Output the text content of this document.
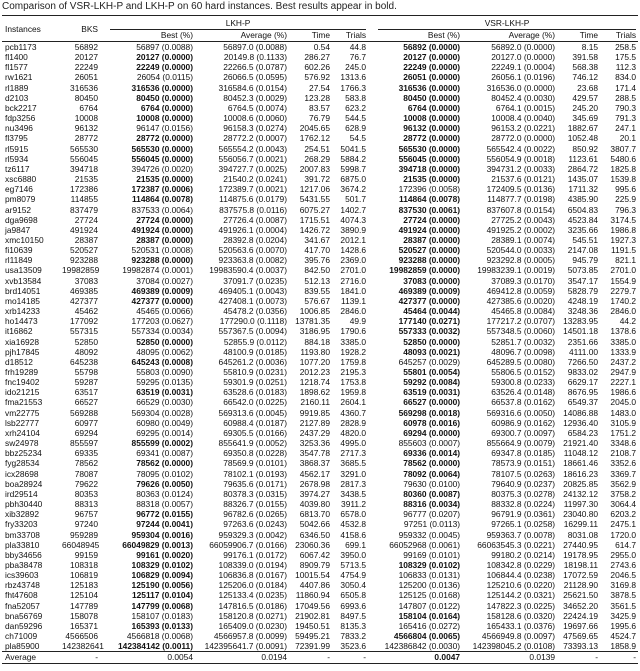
Comparison of VSR-LKH-P and LKH-P on 60 hard instances. Best results appear in bold.
Instances	BKS	LKH-P				VSR-LKH-P			

		Best (%)	Average (%)	Time	Trials	Best (%)	Average (%)	Time	Trials
pcb1173	56892	56897 (0.0088)	56897.0 (0.0088)	0.54	44.8	56892 (0.0000)	56892.0 (0.0000)	8.15	258.5
fl1400	20127	20127 (0.0000)	20149.8 (0.1133)	286.27	76.7	20127 (0.0000)	20127.0 (0.0000)	391.58	175.5
fl1577	22249	22249 (0.0000)	22266.5 (0.0787)	602.26	245.0	22249 (0.0000)	22249.1 (0.0004)	568.38	112.3
rw1621	26051	26054 (0.0115)	26066.5 (0.0595)	576.92	1313.6	26051 (0.0000)	26056.1 (0.0196)	746.12	834.0
rl1889	316536	316536 (0.0000)	316584.6 (0.0154)	27.54	1766.3	316536 (0.0000)	316536.0 (0.0000)	23.68	171.4
d2103	80450	80450 (0.0000)	80452.3 (0.0029)	123.28	583.8	80450 (0.0000)	80452.4 (0.0030)	429.57	288.5
bck2217	6764	6764 (0.0000)	6764.5 (0.0074)	83.57	623.2	6764 (0.0000)	6764.1 (0.0015)	245.20	790.3
fdp3256	10008	10008 (0.0000)	10008.6 (0.0060)	76.79	544.5	10008 (0.0000)	10008.4 (0.0040)	345.69	791.3
nu3496	96132	96147 (0.0156)	96158.3 (0.0274)	2045.65	628.9	96132 (0.0000)	96153.2 (0.0221)	1882.67	247.1
fl3795	28772	28772 (0.0000)	28772.2 (0.0007)	1762.12	54.5	28772 (0.0000)	28772.0 (0.0000)	1052.48	20.1
rl5915	565530	565530 (0.0000)	565554.2 (0.0043)	254.51	5041.5	565530 (0.0000)	565542.4 (0.0022)	850.92	3807.7
rl5934	556045	556045 (0.0000)	556056.7 (0.0021)	268.29	5884.2	556045 (0.0000)	556054.9 (0.0018)	1123.61	5480.6
tz6117	394718	394726 (0.0020)	394727.7 (0.0025)	2007.83	5998.7	394718 (0.0000)	394731.2 (0.0033)	2864.72	1825.8
xsc6880	21535	21535 (0.0000)	21540.2 (0.0241)	391.72	6875.0	21535 (0.0000)	21537.6 (0.0121)	1435.07	1539.8
eg7146	172386	172387 (0.0006)	172389.7 (0.0021)	1217.06	3674.2	172396 (0.0058)	172409.5 (0.0136)	1711.32	995.6
pm8079	114855	114864 (0.0078)	114875.6 (0.0179)	5431.55	501.7	114864 (0.0078)	114877.7 (0.0198)	4385.90	225.9
ar9152	837479	837533 (0.0064)	837575.8 (0.0116)	6075.27	1402.7	837530 (0.0061)	837607.8 (0.0154)	6504.83	796.3
dga9698	27724	27724 (0.0000)	27726.4 (0.0087)	1715.51	4074.3	27724 (0.0000)	27725.2 (0.0043)	4523.84	3174.5
ja9847	491924	491924 (0.0000)	491926.1 (0.0004)	1426.72	3890.9	491924 (0.0000)	491925.2 (0.0002)	3235.66	1986.8
xmc10150	28387	28387 (0.0000)	28392.8 (0.0204)	341.67	2012.1	28387 (0.0000)	28389.1 (0.0074)	545.51	1927.3
fi10639	520527	520531 (0.0008)	520563.6 (0.0070)	417.70	1428.6	520527 (0.0000)	520544.0 (0.0033)	2147.08	1191.5
rl11849	923288	923288 (0.0000)	923363.8 (0.0082)	395.76	2369.0	923288 (0.0000)	923292.8 (0.0005)	945.79	821.1
usa13509	19982859	19982874 (0.0001)	19983590.4 (0.0037)	842.50	2701.0	19982859 (0.0000)	19983239.1 (0.0019)	5073.85	2701.0
xvb13584	37083	37084 (0.0027)	37091.7 (0.0235)	512.13	2716.0	37083 (0.0000)	37089.3 (0.0170)	3547.17	1554.9
brd14051	469385	469389 (0.0009)	469405.1 (0.0043)	839.55	1841.0	469389 (0.0009)	469412.8 (0.0059)	5828.79	2279.7
mo14185	427377	427377 (0.0000)	427408.1 (0.0073)	576.67	1139.1	427377 (0.0000)	427385.6 (0.0020)	4248.19	1740.2
xrb14233	45462	45465 (0.0066)	45478.2 (0.0356)	1006.85	2846.0	45464 (0.0044)	45465.8 (0.0084)	3248.36	2846.0
ho14473	177092	177203 (0.0627)	177290.0 (0.1118)	13781.35	49.9	177140 (0.0271)	177217.2 (0.0707)	13283.95	44.2
it16862	557315	557334 (0.0034)	557367.5 (0.0094)	3186.95	1790.6	557333 (0.0032)	557348.5 (0.0060)	14501.18	1378.6
xia16928	52850	52850 (0.0000)	52855.9 (0.0112)	884.18	3385.0	52850 (0.0000)	52851.7 (0.0032)	2351.66	3385.0
pjh17845	48092	48095 (0.0062)	48100.9 (0.0185)	1193.80	1928.2	48093 (0.0021)	48096.7 (0.0098)	4111.00	1333.9
d18512	645238	645243 (0.0008)	645261.2 (0.0036)	1077.20	1759.8	645257 (0.0029)	645289.5 (0.0080)	7266.50	2437.2
frh19289	55798	55803 (0.0090)	55810.9 (0.0231)	2012.23	2195.3	55801 (0.0054)	55806.5 (0.0152)	9833.02	2947.9
fnc19402	59287	59295 (0.0135)	59301.9 (0.0251)	1218.74	1753.8	59292 (0.0084)	59300.8 (0.0233)	6629.17	2227.1
ido21215	63517	63519 (0.0031)	63528.6 (0.0183)	1898.62	1959.8	63519 (0.0031)	63526.4 (0.0148)	8676.95	1986.6
fma21553	66527	66529 (0.0030)	66542.0 (0.0225)	2160.11	2604.1	66527 (0.0000)	66537.8 (0.0162)	6549.37	2045.0
vm22775	569288	569304 (0.0028)	569313.6 (0.0045)	9919.85	4360.7	569298 (0.0018)	569316.6 (0.0050)	14086.88	1483.0
lsb22777	60977	60980 (0.0049)	60988.4 (0.0187)	2127.89	2828.9	60978 (0.0016)	60986.9 (0.0162)	12936.40	3105.9
xrh24104	69294	69295 (0.0014)	69305.5 (0.0166)	2437.29	4820.0	69294 (0.0000)	69300.7 (0.0097)	6584.23	1751.2
sw24978	855597	855599 (0.0002)	855641.9 (0.0052)	3253.36	4995.0	855603 (0.0007)	855664.9 (0.0079)	21921.40	3348.6
bbz25234	69335	69341 (0.0087)	69350.8 (0.0228)	3547.78	2717.3	69336 (0.0014)	69347.8 (0.0185)	11048.12	2108.7
fyg28534	78562	78562 (0.0000)	78569.9 (0.0101)	3868.37	3685.5	78562 (0.0000)	78573.9 (0.0151)	18661.46	3352.6
icx28698	78087	78095 (0.0102)	78102.1 (0.0193)	4562.17	3291.0	78092 (0.0064)	78107.5 (0.0263)	18616.23	3369.7
boa28924	79622	79626 (0.0050)	79635.6 (0.0171)	2678.98	2817.3	79630 (0.0100)	79640.9 (0.0237)	20825.85	3562.9
ird29514	80353	80363 (0.0124)	80378.3 (0.0315)	3974.27	3438.5	80360 (0.0087)	80375.3 (0.0278)	24132.12	3758.2
pbh30440	88313	88318 (0.0057)	88326.7 (0.0155)	4039.80	3911.2	88316 (0.0034)	88332.8 (0.0224)	11997.30	3064.4
xib32892	96757	96772 (0.0155)	96782.6 (0.0265)	6813.70	6578.0	96777 (0.0207)	96791.9 (0.0361)	23040.80	6203.2
fry33203	97240	97244 (0.0041)	97263.6 (0.0243)	5042.66	4532.8	97251 (0.0113)	97265.1 (0.0258)	16299.11	2475.1
bm33708	959289	959304 (0.0016)	959329.3 (0.0042)	6346.50	4158.6	959332 (0.0045)	959363.7 (0.0078)	8031.08	1720.0
pla33810	66048945	66049829 (0.0013)	66059906.7 (0.0166)	23060.36	699.1	66052968 (0.0061)	66063545.3 (0.0221)	27440.95	614.7
bby34656	99159	99161 (0.0020)	99176.1 (0.0172)	6067.42	3950.0	99169 (0.0101)	99180.2 (0.0214)	19178.95	2955.0
pba38478	108318	108329 (0.0102)	108339.0 (0.0194)	8909.79	5713.5	108329 (0.0102)	108342.8 (0.0229)	18198.11	2743.6
ics39603	106819	106829 (0.0094)	106836.8 (0.0167)	10015.54	4754.9	106833 (0.0131)	106844.4 (0.0238)	17072.59	2046.5
rbz43748	125183	125190 (0.0056)	125206.0 (0.0184)	4407.86	3050.4	125200 (0.0136)	125210.6 (0.0220)	21128.90	3169.8
fht47608	125104	125117 (0.0104)	125133.4 (0.0235)	11860.94	6505.8	125125 (0.0168)	125144.2 (0.0321)	25621.50	3878.5
fna52057	147789	147799 (0.0068)	147816.5 (0.0186)	17049.56	6993.6	147807 (0.0122)	147822.3 (0.0225)	34652.20	3561.5
bna56769	158078	158107 (0.0183)	158120.8 (0.0271)	21902.81	8497.5	158104 (0.0164)	158128.6 (0.0320)	22424.19	3425.9
dan59296	165371	165393 (0.0133)	165409.0 (0.0230)	19450.51	8135.3	165416 (0.0272)	165433.1 (0.0376)	19697.66	1995.6
ch71009	4566506	4566818 (0.0068)	4566957.8 (0.0099)	59495.21	7833.2	4566804 (0.0065)	4566949.8 (0.0097)	47569.65	4524.7
pla85900	142382641	142384142 (0.0011)	142395641.7 (0.0091)	72391.99	3523.6	142386842 (0.0030)	142398045.2 (0.0108)	73393.13	1858.9
Average	-	0.0054	0.0194	-	-	0.0047	0.0139	-	-
